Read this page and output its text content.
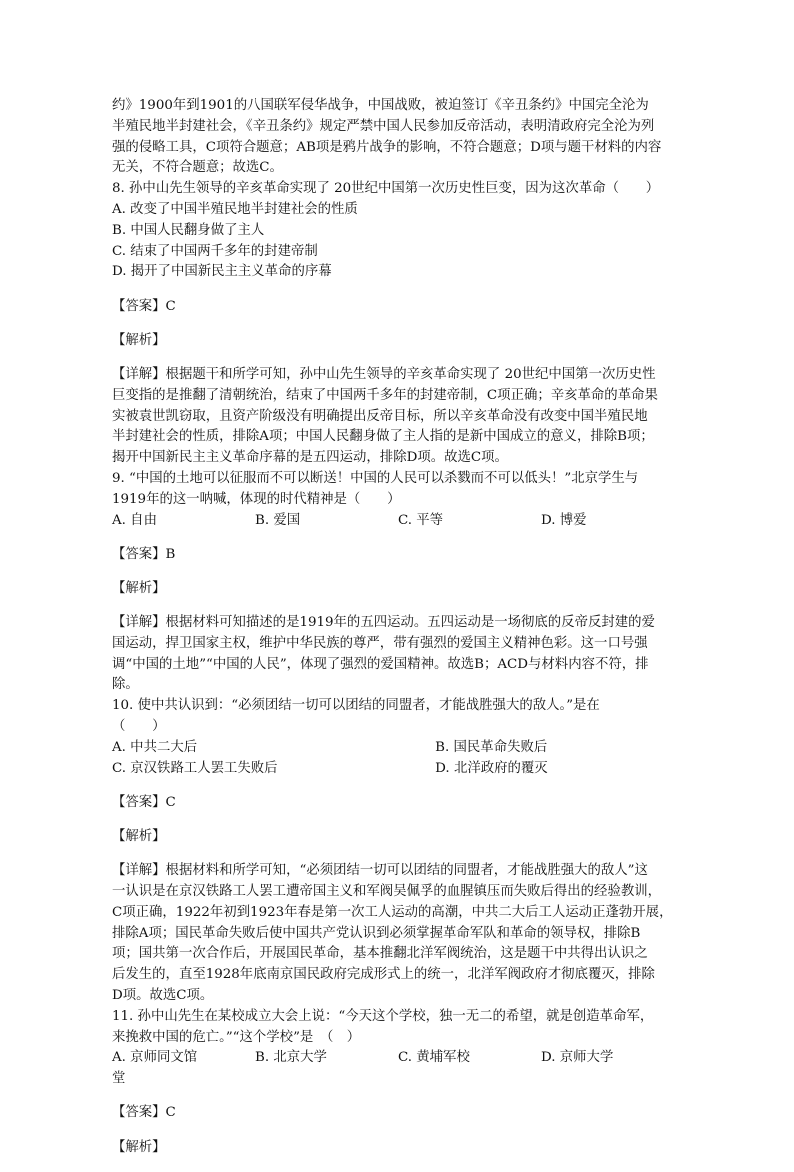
约》1900年到1901的八国联军侵华战争，中国战败，被迫签订《辛丑条约》中国完全沦为

半殖民地半封建社会，《辛丑条约》规定严禁中国人民参加反帝活动，表明清政府完全沦为列

强的侵略工具，C项符合题意；AB项是鸦片战争的影响，不符合题意；D项与题干材料的内容

无关，不符合题意；故选C。

8. 孙中山先生领导的辛亥革命实现了 20世纪中国第一次历史性巨变，因为这次革命（　　）

A. 改变了中国半殖民地半封建社会的性质

B. 中国人民翻身做了主人

C. 结束了中国两千多年的封建帝制

D. 揭开了中国新民主主义革命的序幕

【答案】C

【解析】

【详解】根据题干和所学可知，孙中山先生领导的辛亥革命实现了 20世纪中国第一次历史性

巨变指的是推翻了清朝统治，结束了中国两千多年的封建帝制，C项正确；辛亥革命的革命果

实被袁世凯窃取，且资产阶级没有明确提出反帝目标，所以辛亥革命没有改变中国半殖民地

半封建社会的性质，排除A项；中国人民翻身做了主人指的是新中国成立的意义，排除B项；

揭开中国新民主主义革命序幕的是五四运动，排除D项。故选C项。

9. “中国的土地可以征服而不可以断送！中国的人民可以杀戮而不可以低头！”北京学生与

1919年的这一呐喊，体现的时代精神是（　　）

A. 自由	B. 爱国	C. 平等	D. 博爱

【答案】B

【解析】

【详解】根据材料可知描述的是1919年的五四运动。五四运动是一场彻底的反帝反封建的爱

国运动，捍卫国家主权，维护中华民族的尊严，带有强烈的爱国主义精神色彩。这一口号强

调“中国的土地”“中国的人民”，体现了强烈的爱国精神。故选B；ACD与材料内容不符，排

除。

10. 使中共认识到：“必须团结一切可以团结的同盟者，才能战胜强大的敌人。”是在

（　　）

A. 中共二大后	B. 国民革命失败后
C. 京汉铁路工人罢工失败后	D. 北洋政府的覆灭

【答案】C

【解析】

【详解】根据材料和所学可知，“必须团结一切可以团结的同盟者，才能战胜强大的敌人”这

一认识是在京汉铁路工人罢工遭帝国主义和军阀吴佩孚的血腥镇压而失败后得出的经验教训，

C项正确，1922年初到1923年春是第一次工人运动的高潮，中共二大后工人运动正蓬勃开展，

排除A项；国民革命失败后使中国共产党认识到必须掌握革命军队和革命的领导权，排除B

项；国共第一次合作后，开展国民革命，基本推翻北洋军阀统治，这是题干中共得出认识之

后发生的，直至1928年底南京国民政府完成形式上的统一，北洋军阀政府才彻底覆灭，排除

D项。故选C项。

11. 孙中山先生在某校成立大会上说：“今天这个学校，独一无二的希望，就是创造革命军，

来挽救中国的危亡。”“这个学校”是　（　）

A. 京师同文馆	B. 北京大学	C. 黄埔军校	D. 京师大学

堂

【答案】C

【解析】
